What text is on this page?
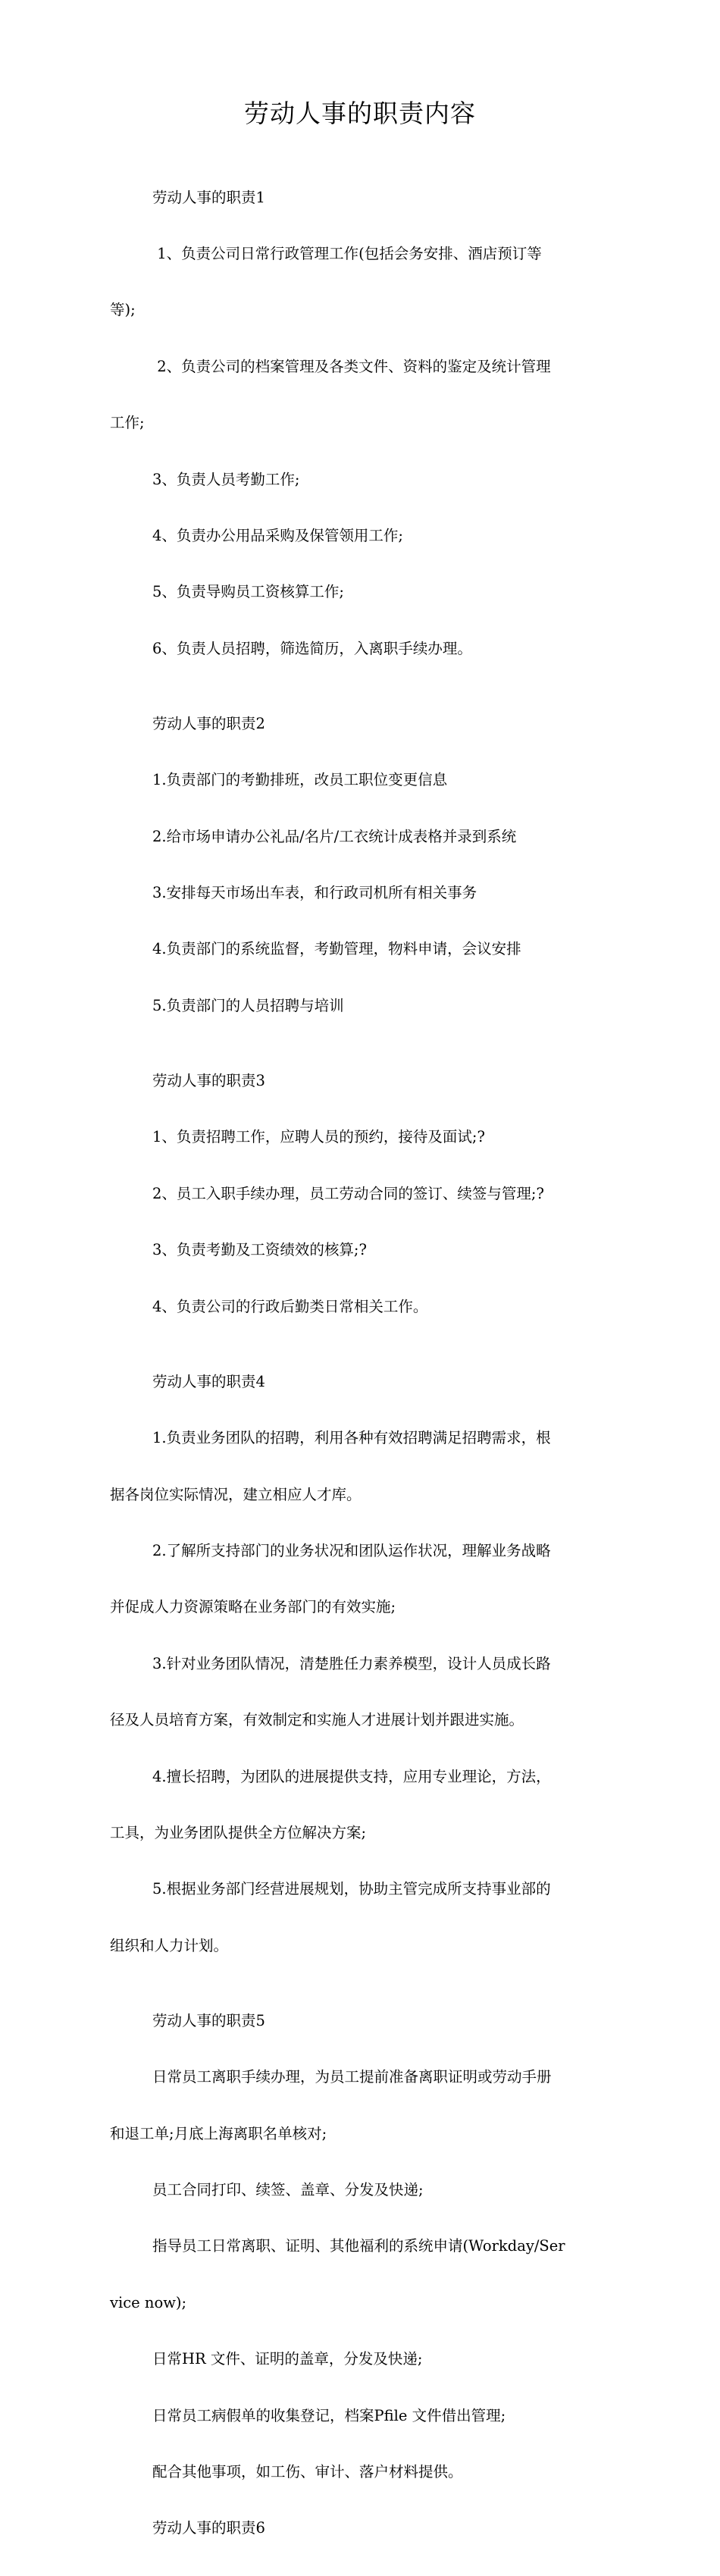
劳动人事的职责内容

劳动人事的职责1

1、负责公司日常行政管理工作(包括会务安排、酒店预订等

等);

2、负责公司的档案管理及各类文件、资料的鉴定及统计管理

工作;

3、负责人员考勤工作;

4、负责办公用品采购及保管领用工作;

5、负责导购员工资核算工作;

6、负责人员招聘，筛选简历，入离职手续办理。

劳动人事的职责2

1.负责部门的考勤排班，改员工职位变更信息

2.给市场申请办公礼品/名片/工衣统计成表格并录到系统

3.安排每天市场出车表，和行政司机所有相关事务

4.负责部门的系统监督，考勤管理，物料申请，会议安排

5.负责部门的人员招聘与培训

劳动人事的职责3

1、负责招聘工作，应聘人员的预约，接待及面试;?

2、员工入职手续办理，员工劳动合同的签订、续签与管理;?

3、负责考勤及工资绩效的核算;?

4、负责公司的行政后勤类日常相关工作。

劳动人事的职责4

1.负责业务团队的招聘，利用各种有效招聘满足招聘需求，根

据各岗位实际情况，建立相应人才库。

2.了解所支持部门的业务状况和团队运作状况，理解业务战略

并促成人力资源策略在业务部门的有效实施;

3.针对业务团队情况，清楚胜任力素养模型，设计人员成长路

径及人员培育方案，有效制定和实施人才进展计划并跟进实施。

4.擅长招聘，为团队的进展提供支持，应用专业理论，方法，

工具，为业务团队提供全方位解决方案;

5.根据业务部门经营进展规划，协助主管完成所支持事业部的

组织和人力计划。

劳动人事的职责5

日常员工离职手续办理，为员工提前准备离职证明或劳动手册

和退工单;月底上海离职名单核对;

员工合同打印、续签、盖章、分发及快递;

指导员工日常离职、证明、其他福利的系统申请(Workday/Ser

vice now);

日常HR 文件、证明的盖章，分发及快递;

日常员工病假单的收集登记，档案Pfile 文件借出管理;

配合其他事项，如工伤、审计、落户材料提供。

劳动人事的职责6
